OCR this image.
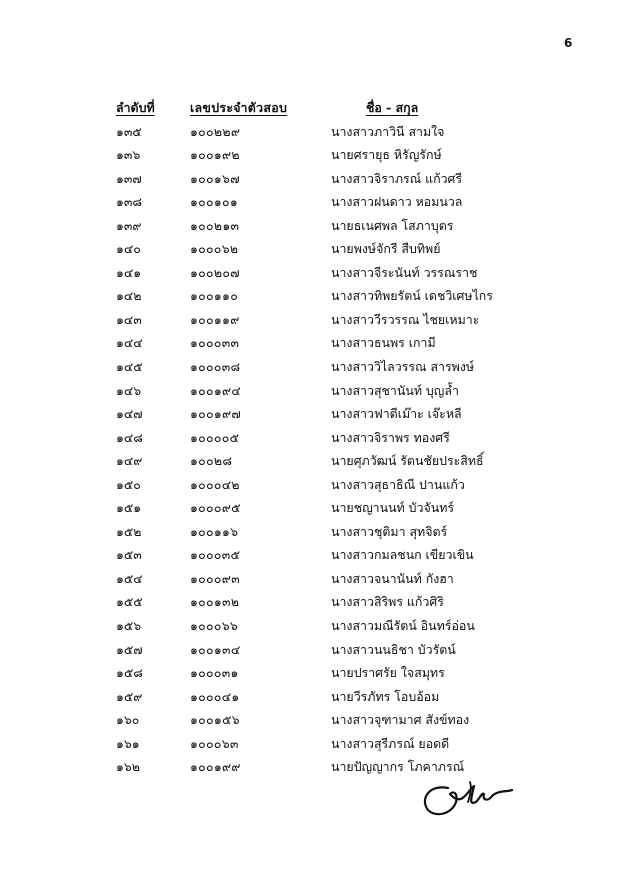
6
ลำดับที่	เลขประจำตัวสอบ	ชื่อ - สกุล
๑๓๕	๑๐๐๒๒๙	นางสาวภาวินี สามใจ
๑๓๖	๑๐๐๑๙๒	นายศรายุธ หิรัญรักษ์
๑๓๗	๑๐๐๑๖๗	นางสาวจิราภรณ์ แก้วศรี
๑๓๘	๑๐๐๑๐๑	นางสาวฝนดาว หอมนวล
๑๓๙	๑๐๐๒๑๓	นายธเนศพล โสภาบุตร
๑๔๐	๑๐๐๐๖๒	นายพงษ์จักรี สืบทิพย์
๑๔๑	๑๐๐๒๐๗	นางสาวจีระนันท์ วรรณราช
๑๔๒	๑๐๐๑๑๐	นางสาวทิพยรัตน์ เดชวิเศษไกร
๑๔๓	๑๐๐๑๑๙	นางสาววีรวรรณ ไชยเหมาะ
๑๔๔	๑๐๐๐๓๓	นางสาวธนพร เกามี
๑๔๕	๑๐๐๐๓๘	นางสาววิไลวรรณ สารพงษ์
๑๔๖	๑๐๐๑๙๔	นางสาวสุชานันท์ บุญล้ำ
๑๔๗	๑๐๐๑๙๗	นางสาวฟาตีเม๊าะ เจ๊ะหลี
๑๔๘	๑๐๐๐๐๕	นางสาวจิราพร ทองศรี
๑๔๙	๑๐๐๒๘	นายศุภวัฒน์ รัตนชัยประสิทธิ์
๑๕๐	๑๐๐๐๔๒	นางสาวสุธาธิณี ปานแก้ว
๑๕๑	๑๐๐๐๙๕	นายชญานนท์ บัวจันทร์
๑๕๒	๑๐๐๑๑๖	นางสาวชุติมา สุทจิตร์
๑๕๓	๑๐๐๐๓๕	นางสาวกมลชนก เขียวเขิน
๑๕๔	๑๐๐๐๙๓	นางสาวจนานันท์ กังฮา
๑๕๕	๑๐๐๑๓๒	นางสาวสิริพร แก้วศิริ
๑๕๖	๑๐๐๐๖๖	นางสาวมณีรัตน์ อินทร์อ่อน
๑๕๗	๑๐๐๑๓๔	นางสาวนนธิชา บัวรัตน์
๑๕๘	๑๐๐๐๓๑	นายปราศรัย ใจสมุทร
๑๕๙	๑๐๐๐๔๑	นายวีรภัทร โอบอ้อม
๑๖๐	๑๐๐๑๕๖	นางสาวจุฑามาศ สังข์ทอง
๑๖๑	๑๐๐๐๖๓	นางสาวสุรีภรณ์ ยอดดี
๑๖๒	๑๐๐๑๙๙	นายปัญญากร โภคาภรณ์
